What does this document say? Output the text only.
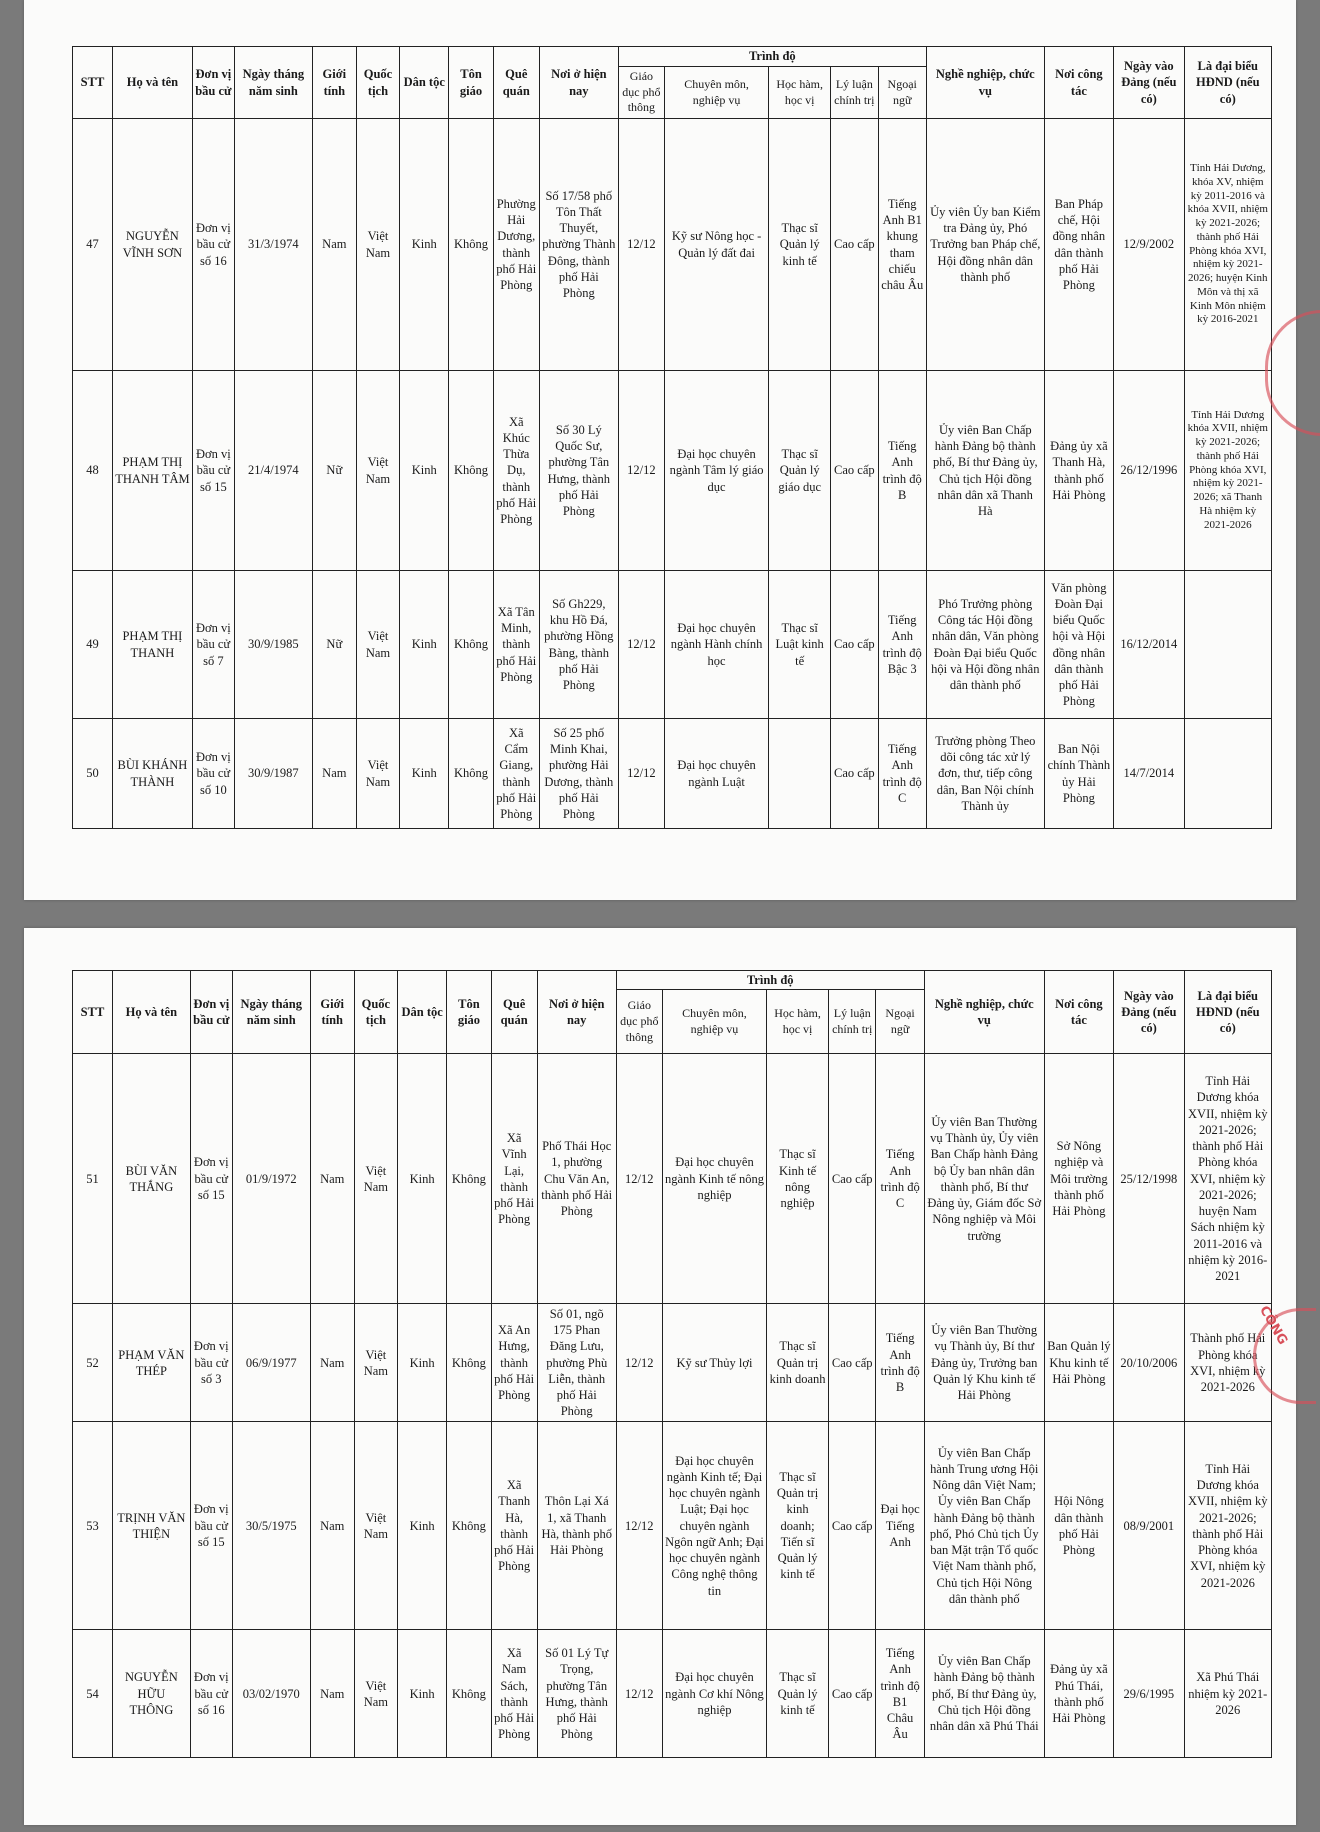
STT	Họ và tên	Đơn vị bầu cử	Ngày tháng năm sinh	Giới tính	Quốc tịch	Dân tộc	Tôn giáo	Quê quán	Nơi ở hiện nay	Trình độ					Nghề nghiệp, chức vụ	Nơi công tác	Ngày vào Đảng (nếu có)	Là đại biểu HĐND (nếu có)
										Giáo dục phổ thông	Chuyên môn, nghiệp vụ	Học hàm, học vị	Lý luận chính trị	Ngoại ngữ				
47	NGUYỄN VĨNH SƠN	Đơn vị bầu cử số 16	31/3/1974	Nam	Việt Nam	Kinh	Không	Phường Hải Dương, thành phố Hải Phòng	Số 17/58 phố Tôn Thất Thuyết, phường Thành Đông, thành phố Hải Phòng	12/12	Kỹ sư Nông học - Quản lý đất đai	Thạc sĩ Quản lý kinh tế	Cao cấp	Tiếng Anh B1 khung tham chiếu châu Âu	Ủy viên Ủy ban Kiểm tra Đảng ủy, Phó Trưởng ban Pháp chế, Hội đồng nhân dân thành phố	Ban Pháp chế, Hội đồng nhân dân thành phố Hải Phòng	12/9/2002	Tỉnh Hải Dương, khóa XV, nhiệm kỳ 2011-2016 và khóa XVII, nhiệm kỳ 2021-2026; thành phố Hải Phòng khóa XVI, nhiệm kỳ 2021-2026; huyện Kinh Môn và thị xã Kinh Môn nhiệm kỳ 2016-2021
48	PHẠM THỊ THANH TÂM	Đơn vị bầu cử số 15	21/4/1974	Nữ	Việt Nam	Kinh	Không	Xã Khúc Thừa Dụ, thành phố Hải Phòng	Số 30 Lý Quốc Sư, phường Tân Hưng, thành phố Hải Phòng	12/12	Đại học chuyên ngành Tâm lý giáo dục	Thạc sĩ Quản lý giáo dục	Cao cấp	Tiếng Anh trình độ B	Ủy viên Ban Chấp hành Đảng bộ thành phố, Bí thư Đảng ủy, Chủ tịch Hội đồng nhân dân xã Thanh Hà	Đảng ủy xã Thanh Hà, thành phố Hải Phòng	26/12/1996	Tỉnh Hải Dương khóa XVII, nhiệm kỳ 2021-2026; thành phố Hải Phòng khóa XVI, nhiệm kỳ 2021-2026; xã Thanh Hà nhiệm kỳ 2021-2026
49	PHẠM THỊ THANH	Đơn vị bầu cử số 7	30/9/1985	Nữ	Việt Nam	Kinh	Không	Xã Tân Minh, thành phố Hải Phòng	Số Gh229, khu Hồ Đá, phường Hồng Bàng, thành phố Hải Phòng	12/12	Đại học chuyên ngành Hành chính học	Thạc sĩ Luật kinh tế	Cao cấp	Tiếng Anh trình độ Bậc 3	Phó Trưởng phòng Công tác Hội đồng nhân dân, Văn phòng Đoàn Đại biểu Quốc hội và Hội đồng nhân dân thành phố	Văn phòng Đoàn Đại biểu Quốc hội và Hội đồng nhân dân thành phố Hải Phòng	16/12/2014	
50	BÙI KHÁNH THÀNH	Đơn vị bầu cử số 10	30/9/1987	Nam	Việt Nam	Kinh	Không	Xã Cẩm Giang, thành phố Hải Phòng	Số 25 phố Minh Khai, phường Hải Dương, thành phố Hải Phòng	12/12	Đại học chuyên ngành Luật		Cao cấp	Tiếng Anh trình độ C	Trưởng phòng Theo dõi công tác xử lý đơn, thư, tiếp công dân, Ban Nội chính Thành ủy	Ban Nội chính Thành ủy Hải Phòng	14/7/2014	
STT	Họ và tên	Đơn vị bầu cử	Ngày tháng năm sinh	Giới tính	Quốc tịch	Dân tộc	Tôn giáo	Quê quán	Nơi ở hiện nay	Trình độ					Nghề nghiệp, chức vụ	Nơi công tác	Ngày vào Đảng (nếu có)	Là đại biểu HĐND (nếu có)
										Giáo dục phổ thông	Chuyên môn, nghiệp vụ	Học hàm, học vị	Lý luận chính trị	Ngoại ngữ				
51	BÙI VĂN THẮNG	Đơn vị bầu cử số 15	01/9/1972	Nam	Việt Nam	Kinh	Không	Xã Vĩnh Lại, thành phố Hải Phòng	Phố Thái Học 1, phường Chu Văn An, thành phố Hải Phòng	12/12	Đại học chuyên ngành Kinh tế nông nghiệp	Thạc sĩ Kinh tế nông nghiệp	Cao cấp	Tiếng Anh trình độ C	Ủy viên Ban Thường vụ Thành ủy, Ủy viên Ban Chấp hành Đảng bộ Ủy ban nhân dân thành phố, Bí thư Đảng ủy, Giám đốc Sở Nông nghiệp và Môi trường	Sở Nông nghiệp và Môi trường thành phố Hải Phòng	25/12/1998	Tỉnh Hải Dương khóa XVII, nhiệm kỳ 2021-2026; thành phố Hải Phòng khóa XVI, nhiệm kỳ 2021-2026; huyện Nam Sách nhiệm kỳ 2011-2016 và nhiệm kỳ 2016-2021
52	PHẠM VĂN THÉP	Đơn vị bầu cử số 3	06/9/1977	Nam	Việt Nam	Kinh	Không	Xã An Hưng, thành phố Hải Phòng	Số 01, ngõ 175 Phan Đăng Lưu, phường Phù Liễn, thành phố Hải Phòng	12/12	Kỹ sư Thủy lợi	Thạc sĩ Quản trị kinh doanh	Cao cấp	Tiếng Anh trình độ B	Ủy viên Ban Thường vụ Thành ủy, Bí thư Đảng ủy, Trưởng ban Quản lý Khu kinh tế Hải Phòng	Ban Quản lý Khu kinh tế Hải Phòng	20/10/2006	Thành phố Hải Phòng khóa XVI, nhiệm kỳ 2021-2026
53	TRỊNH VĂN THIỆN	Đơn vị bầu cử số 15	30/5/1975	Nam	Việt Nam	Kinh	Không	Xã Thanh Hà, thành phố Hải Phòng	Thôn Lại Xá 1, xã Thanh Hà, thành phố Hải Phòng	12/12	Đại học chuyên ngành Kinh tế; Đại học chuyên ngành Luật; Đại học chuyên ngành Ngôn ngữ Anh; Đại học chuyên ngành Công nghệ thông tin	Thạc sĩ Quản trị kinh doanh; Tiến sĩ Quản lý kinh tế	Cao cấp	Đại học Tiếng Anh	Ủy viên Ban Chấp hành Trung ương Hội Nông dân Việt Nam; Ủy viên Ban Chấp hành Đảng bộ thành phố, Phó Chủ tịch Ủy ban Mặt trận Tổ quốc Việt Nam thành phố, Chủ tịch Hội Nông dân thành phố	Hội Nông dân thành phố Hải Phòng	08/9/2001	Tỉnh Hải Dương khóa XVII, nhiệm kỳ 2021-2026; thành phố Hải Phòng khóa XVI, nhiệm kỳ 2021-2026
54	NGUYỄN HỮU THÔNG	Đơn vị bầu cử số 16	03/02/1970	Nam	Việt Nam	Kinh	Không	Xã Nam Sách, thành phố Hải Phòng	Số 01 Lý Tự Trọng, phường Tân Hưng, thành phố Hải Phòng	12/12	Đại học chuyên ngành Cơ khí Nông nghiệp	Thạc sĩ Quản lý kinh tế	Cao cấp	Tiếng Anh trình độ B1 Châu Âu	Ủy viên Ban Chấp hành Đảng bộ thành phố, Bí thư Đảng ủy, Chủ tịch Hội đồng nhân dân xã Phú Thái	Đảng ủy xã Phú Thái, thành phố Hải Phòng	29/6/1995	Xã Phú Thái nhiệm kỳ 2021-2026
CÔNG
